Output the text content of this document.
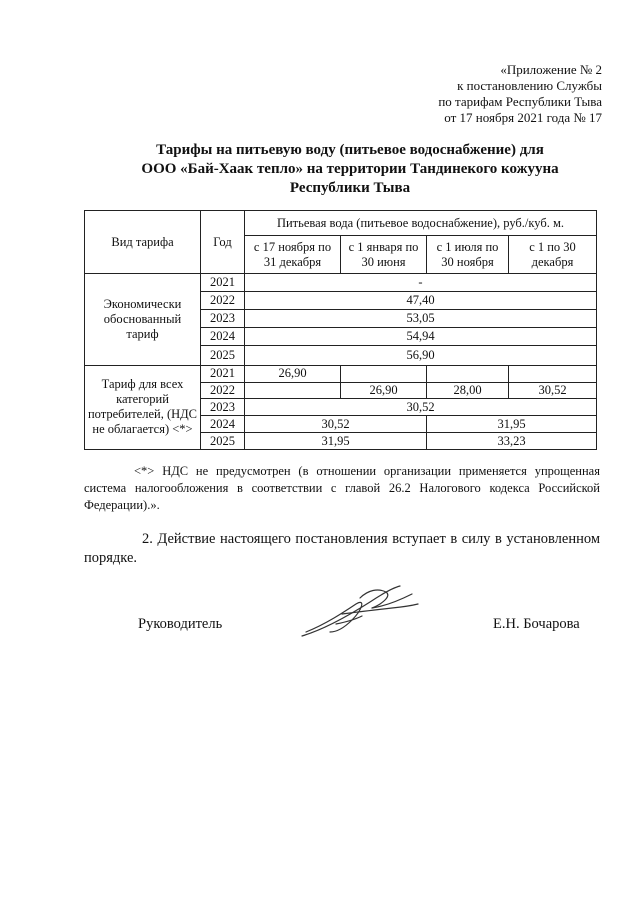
«Приложение № 2
к постановлению Службы
по тарифам Республики Тыва
от 17 ноября 2021 года № 17
Тарифы на питьевую воду (питьевое водоснабжение) для
ООО «Бай-Хаак тепло» на территории Тандинекого кожууна
Республики Тыва
Вид тарифа	Год	Питьевая вода (питьевое водоснабжение), руб./куб. м.			
		с 17 ноября по 31 декабря	с 1 января по 30 июня	с 1 июля по 30 ноября	с 1 по 30 декабря
Экономически обоснованный тариф	2021	-			
	2022	47,40			
	2023	53,05			
	2024	54,94			
	2025	56,90			
Тариф для всех категорий потребителей, (НДС не облагается) <*>	2021	26,90			
	2022		26,90	28,00	30,52
	2023	30,52			
	2024	30,52		31,95	
	2025	31,95		33,23	
<*> НДС не предусмотрен (в отношении организации применяется упрощенная система налогообложения в соответствии с главой 26.2 Налогового кодекса Российской Федерации).».
2. Действие настоящего постановления вступает в силу в установленном порядке.
Руководитель	Е.Н. Бочарова
